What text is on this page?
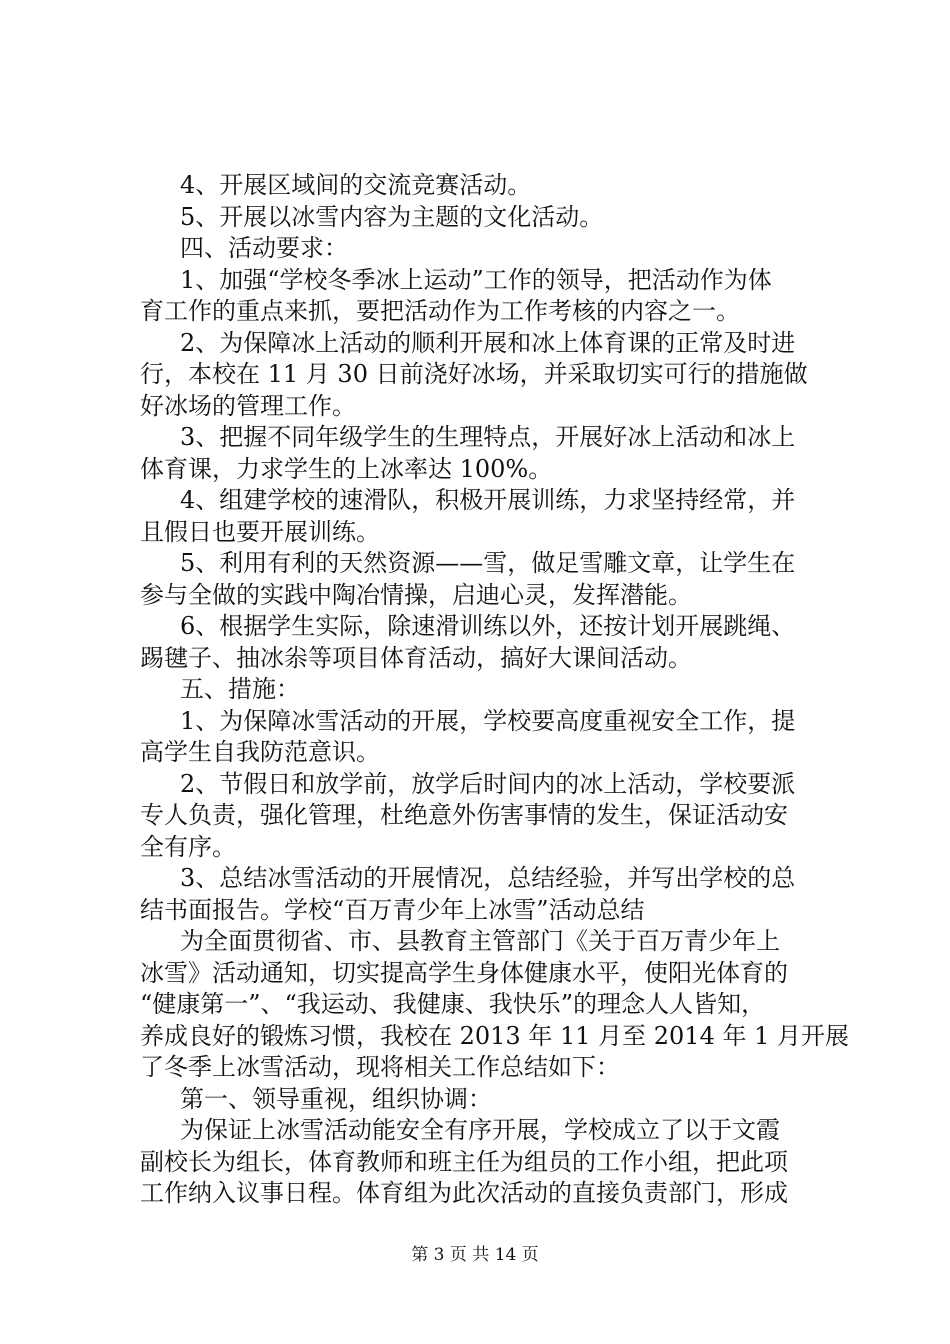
4、开展区域间的交流竞赛活动。
5、开展以冰雪内容为主题的文化活动。
四、活动要求：
1、加强“学校冬季冰上运动”工作的领导，把活动作为体
育工作的重点来抓，要把活动作为工作考核的内容之一。
2、为保障冰上活动的顺利开展和冰上体育课的正常及时进
行，本校在 11 月 30 日前浇好冰场，并采取切实可行的措施做
好冰场的管理工作。
3、把握不同年级学生的生理特点，开展好冰上活动和冰上
体育课，力求学生的上冰率达 100%。
4、组建学校的速滑队，积极开展训练，力求坚持经常，并
且假日也要开展训练。
5、利用有利的天然资源——雪，做足雪雕文章，让学生在
参与全做的实践中陶冶情操，启迪心灵，发挥潜能。
6、根据学生实际，除速滑训练以外，还按计划开展跳绳、
踢毽子、抽冰尜等项目体育活动，搞好大课间活动。
五、措施：
1、为保障冰雪活动的开展，学校要高度重视安全工作，提
高学生自我防范意识。
2、节假日和放学前，放学后时间内的冰上活动，学校要派
专人负责，强化管理，杜绝意外伤害事情的发生，保证活动安
全有序。
3、总结冰雪活动的开展情况，总结经验，并写出学校的总
结书面报告。学校“百万青少年上冰雪”活动总结
为全面贯彻省、市、县教育主管部门《关于百万青少年上
冰雪》活动通知，切实提高学生身体健康水平，使阳光体育的
“健康第一”、“我运动、我健康、我快乐”的理念人人皆知，
养成良好的锻炼习惯，我校在 2013 年 11 月至 2014 年 1 月开展
了冬季上冰雪活动，现将相关工作总结如下：
第一、领导重视，组织协调：
为保证上冰雪活动能安全有序开展，学校成立了以于文霞
副校长为组长，体育教师和班主任为组员的工作小组，把此项
工作纳入议事日程。体育组为此次活动的直接负责部门，形成
第 3 页 共 14 页
